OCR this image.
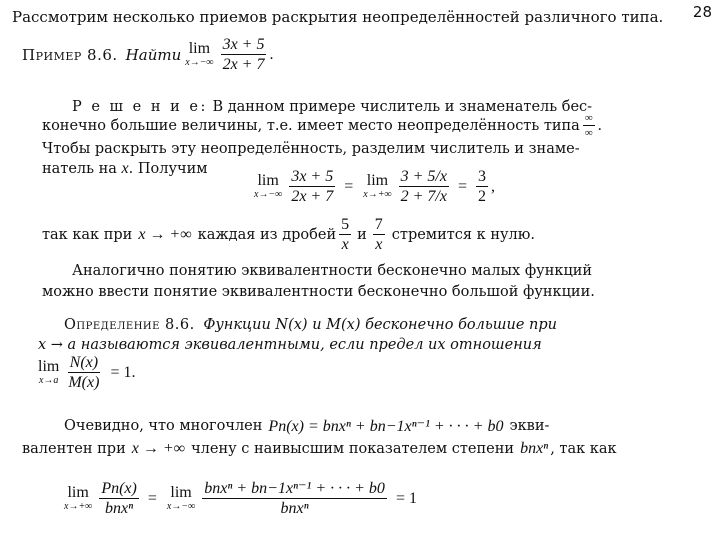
28
Рассмотрим несколько приемов раскрытия неопределённостей различного типа.
Пример 8.6. Найти lim
$x\to-\infty \frac{3x + 5}{2x + 7}$ .
Р е ш е н и е: В данном примере числитель и знаменатель бес-
конечно большие величины, т.е. имеет место неопределённость типа $\frac{\infty}{\infty}$ .
Чтобы раскрыть эту неопределённость, разделим числитель и знаме-
натель на x. Получим
lim
$x\to-\infty \frac{3x + 5}{2x + 7} = \lim$
$x\to+\infty \frac{3 + 5/x}{2 + 7/x} = \frac{3}{2}$ ,
так как при x → +∞ каждая из дробей $\frac{5}{x}$ и $\frac{7}{x}$ стремится к нулю.
Аналогично понятию эквивалентности бесконечно малых функций
можно ввести понятие эквивалентности бесконечно большой функции.
Определение 8.6. Функции N(x) и M(x) бесконечно большие при
x → a называются эквивалентными, если предел их отношения
lim
$x\to a \frac{N(x)}{M(x)} = 1$.
Очевидно, что многочлен Pn(x) = bnxⁿ + bn−1xⁿ⁻¹ + · · · + b0 экви-
валентен при x → +∞ члену с наивысшим показателем степени bnxⁿ , так как
lim
$x\to+\infty \frac{Pn(x)}{\text{bnxⁿ}} = \lim$
$x\to-\infty \frac{\text{bnxⁿ + bn−1xⁿ⁻¹ + · · · + b0}}{\text{bnxⁿ}} = 1$
